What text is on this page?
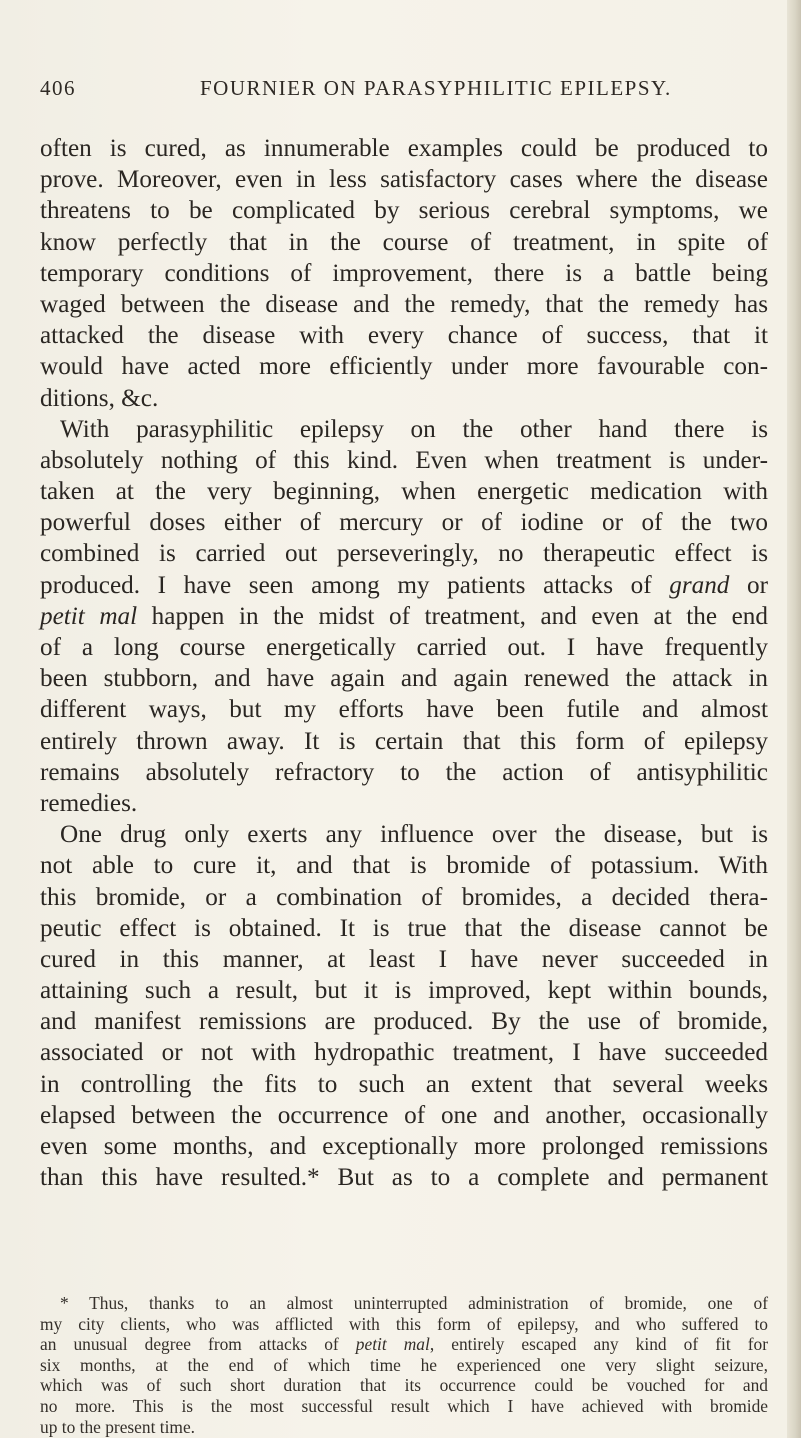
406	FOURNIER ON PARASYPHILITIC EPILEPSY.
often is cured, as innumerable examples could be produced to
prove. Moreover, even in less satisfactory cases where the disease
threatens to be complicated by serious cerebral symptoms, we
know perfectly that in the course of treatment, in spite of
temporary conditions of improvement, there is a battle being
waged between the disease and the remedy, that the remedy has
attacked the disease with every chance of success, that it
would have acted more efficiently under more favourable con-
ditions, &c.
With parasyphilitic epilepsy on the other hand there is
absolutely nothing of this kind. Even when treatment is under-
taken at the very beginning, when energetic medication with
powerful doses either of mercury or of iodine or of the two
combined is carried out perseveringly, no therapeutic effect is
produced. I have seen among my patients attacks of grand or
petit mal happen in the midst of treatment, and even at the end
of a long course energetically carried out. I have frequently
been stubborn, and have again and again renewed the attack in
different ways, but my efforts have been futile and almost
entirely thrown away. It is certain that this form of epilepsy
remains absolutely refractory to the action of antisyphilitic
remedies.
One drug only exerts any influence over the disease, but is
not able to cure it, and that is bromide of potassium. With
this bromide, or a combination of bromides, a decided thera-
peutic effect is obtained. It is true that the disease cannot be
cured in this manner, at least I have never succeeded in
attaining such a result, but it is improved, kept within bounds,
and manifest remissions are produced. By the use of bromide,
associated or not with hydropathic treatment, I have succeeded
in controlling the fits to such an extent that several weeks
elapsed between the occurrence of one and another, occasionally
even some months, and exceptionally more prolonged remissions
than this have resulted.* But as to a complete and permanent
* Thus, thanks to an almost uninterrupted administration of bromide, one of
my city clients, who was afflicted with this form of epilepsy, and who suffered to
an unusual degree from attacks of petit mal, entirely escaped any kind of fit for
six months, at the end of which time he experienced one very slight seizure,
which was of such short duration that its occurrence could be vouched for and
no more. This is the most successful result which I have achieved with bromide
up to the present time.
